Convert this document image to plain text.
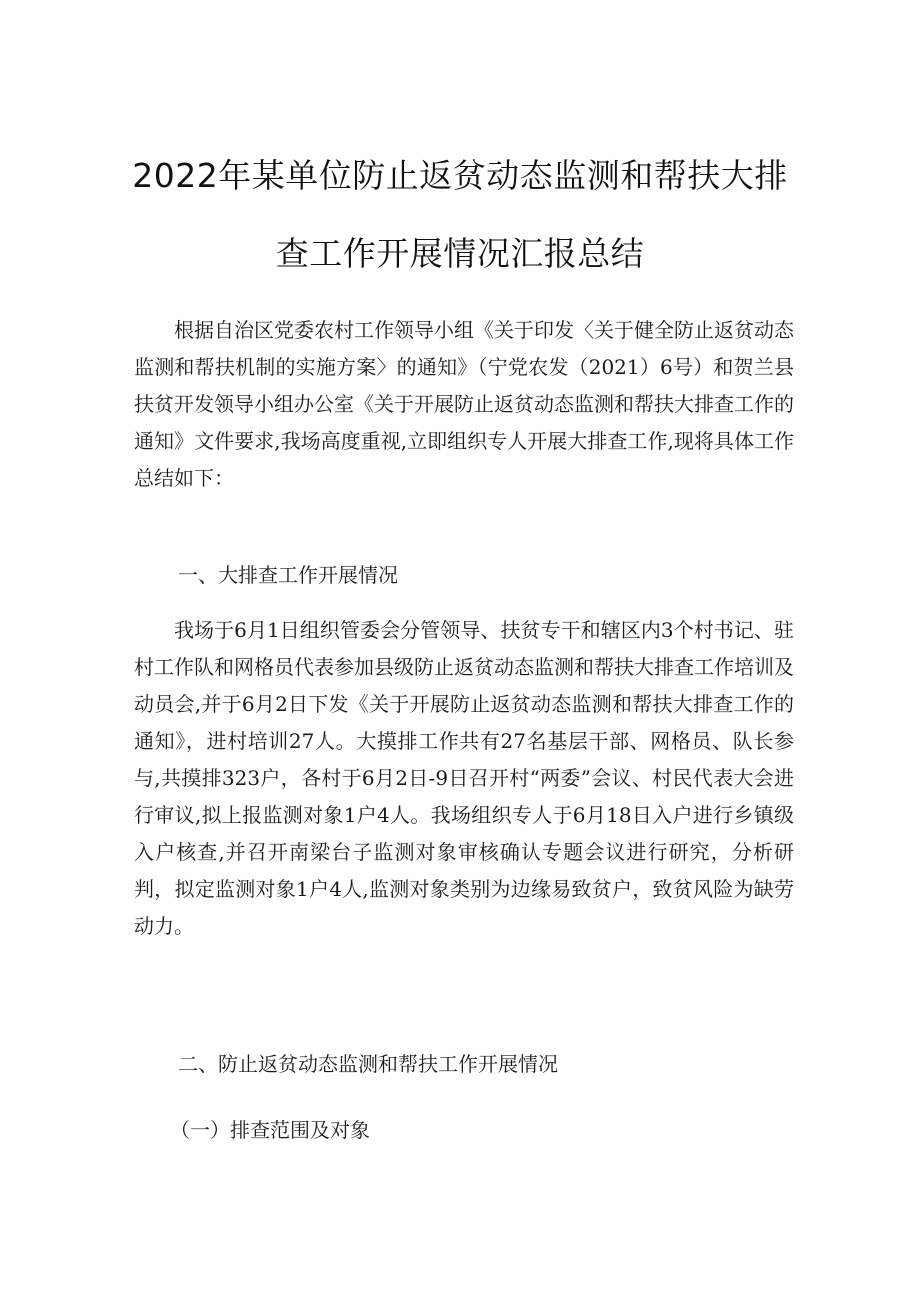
2022年某单位防止返贫动态监测和帮扶大排
查工作开展情况汇报总结

根据自治区党委农村工作领导小组《关于印发〈关于健全防止返贫动态监测和帮扶机制的实施方案〉的通知》（宁党农发（2021）6号）和贺兰县扶贫开发领导小组办公室《关于开展防止返贫动态监测和帮扶大排查工作的通知》文件要求,我场高度重视,立即组织专人开展大排查工作,现将具体工作总结如下：

一、大排查工作开展情况

我场于6月1日组织管委会分管领导、扶贫专干和辖区内3个村书记、驻村工作队和网格员代表参加县级防止返贫动态监测和帮扶大排查工作培训及动员会,并于6月2日下发《关于开展防止返贫动态监测和帮扶大排查工作的通知》，进村培训27人。大摸排工作共有27名基层干部、网格员、队长参与,共摸排323户，各村于6月2日-9日召开村“两委”会议、村民代表大会进行审议,拟上报监测对象1户4人。我场组织专人于6月18日入户进行乡镇级入户核查,并召开南梁台子监测对象审核确认专题会议进行研究，分析研判，拟定监测对象1户4人,监测对象类别为边缘易致贫户，致贫风险为缺劳动力。

二、防止返贫动态监测和帮扶工作开展情况
（一）排查范围及对象
